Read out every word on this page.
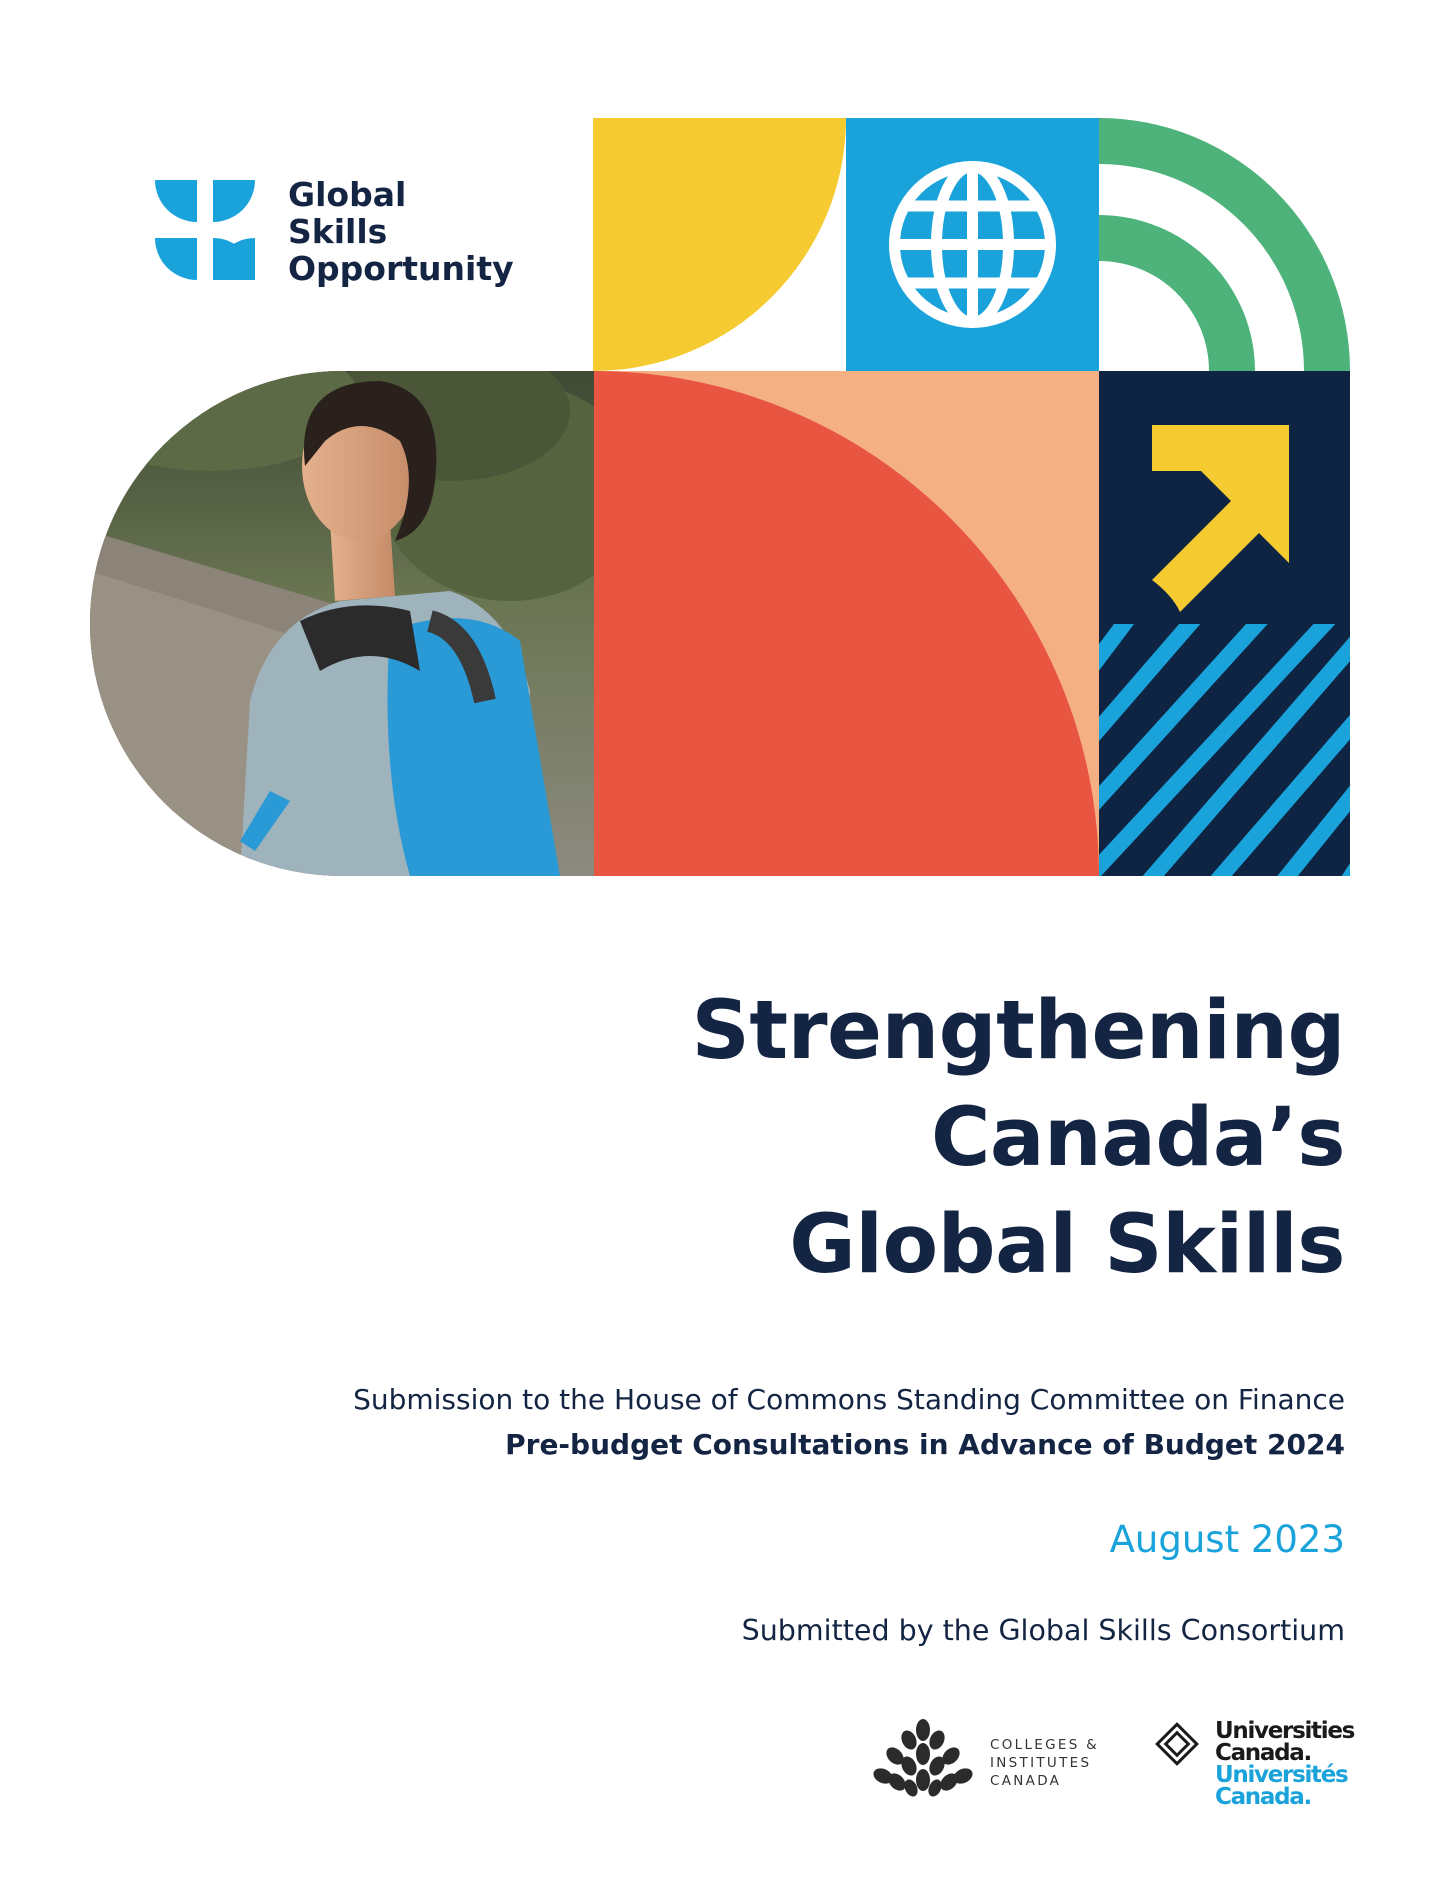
Global
Skills
Opportunity
Strengthening
Canada’s
Global Skills
Submission to the House of Commons Standing Committee on Finance
Pre-budget Consultations in Advance of Budget 2024
August 2023
Submitted by the Global Skills Consortium
COLLEGES &
INSTITUTES
CANADA
Universities
Canada.
Universités
Canada.
